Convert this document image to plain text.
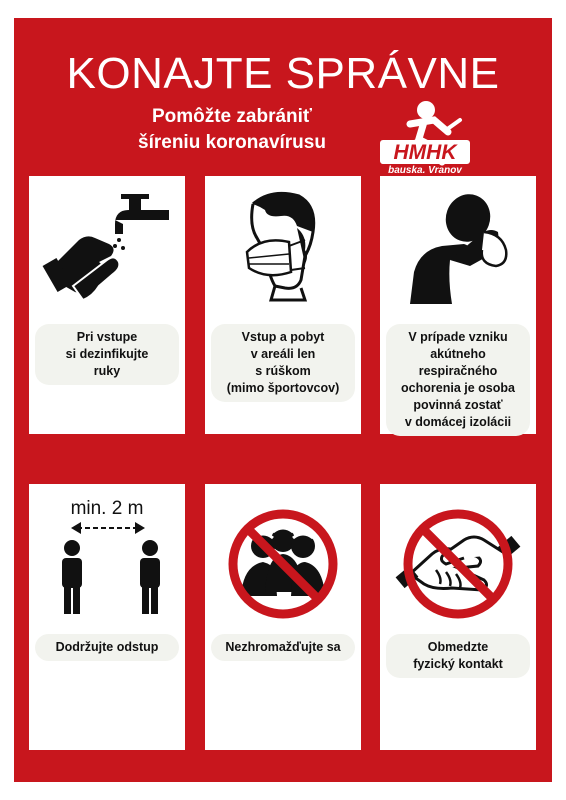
KONAJTE SPRÁVNE
Pomôžte zabrániť
šíreniu koronavírusu	HMHK
bauska. Vranov
Pri vstupe
si dezinfikujte
ruky
Vstup a pobyt
v areáli len
s rúškom
(mimo športovcov)
V prípade vzniku
akútneho
respiračného
ochorenia je osoba
povinná zostať
v domácej izolácii
min. 2 m
Dodržujte odstup	Nezhromažďujte sa	Obmedzte
fyzický kontakt
